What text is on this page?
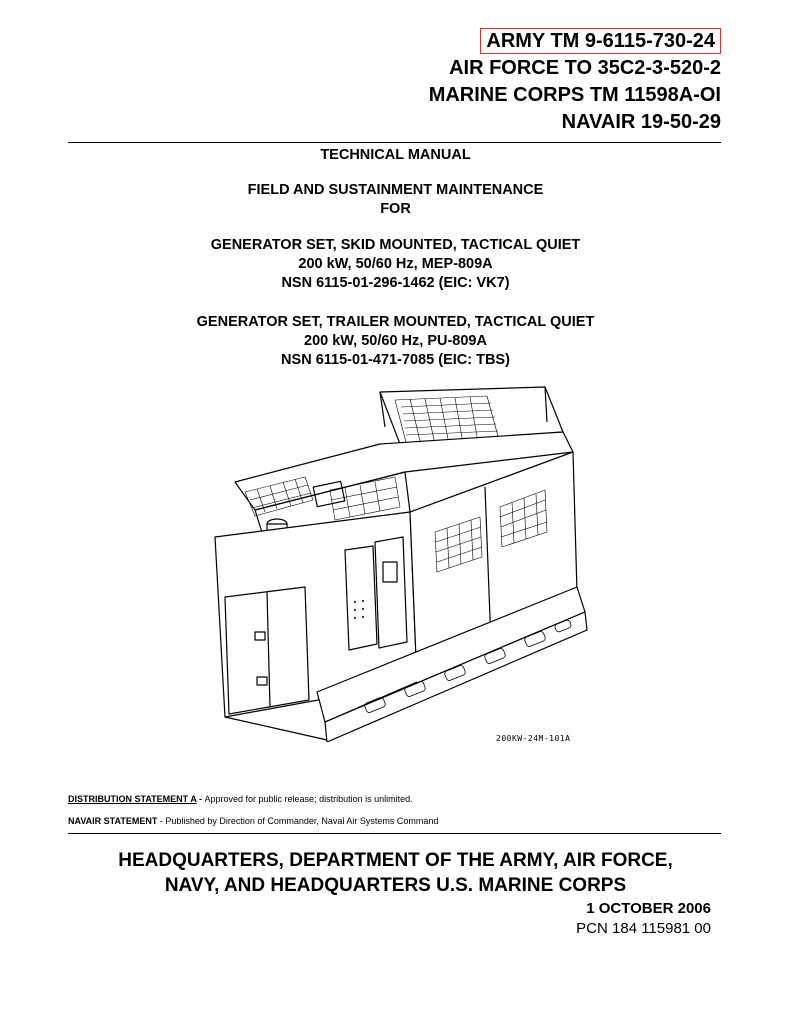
ARMY TM 9-6115-730-24
AIR FORCE TO 35C2-3-520-2
MARINE CORPS TM 11598A-OI
NAVAIR 19-50-29
TECHNICAL MANUAL
FIELD AND SUSTAINMENT MAINTENANCE
FOR
GENERATOR SET, SKID MOUNTED, TACTICAL QUIET
200 kW, 50/60 Hz, MEP-809A
NSN 6115-01-296-1462 (EIC: VK7)
GENERATOR SET, TRAILER MOUNTED, TACTICAL QUIET
200 kW, 50/60 Hz, PU-809A
NSN 6115-01-471-7085 (EIC: TBS)
200KW-24M-101A
DISTRIBUTION STATEMENT A - Approved for public release; distribution is unlimited.
NAVAIR STATEMENT - Published by Direction of Commander, Naval Air Systems Command
HEADQUARTERS, DEPARTMENT OF THE ARMY, AIR FORCE,
NAVY, AND HEADQUARTERS U.S. MARINE CORPS
1 OCTOBER 2006
PCN 184 115981 00
